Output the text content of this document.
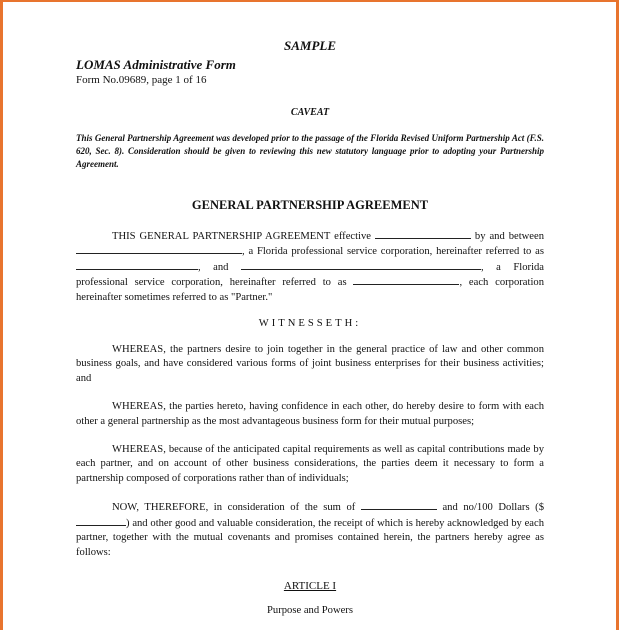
SAMPLE

LOMAS Administrative Form

Form No.09689, page 1 of 16

CAVEAT

This General Partnership Agreement was developed prior to the passage of the Florida Revised Uniform Partnership Act (F.S. 620, Sec. 8). Consideration should be given to reviewing this new statutory language prior to adopting your Partnership Agreement.

GENERAL PARTNERSHIP AGREEMENT

THIS GENERAL PARTNERSHIP AGREEMENT effective	by and between , a Florida professional service corporation, hereinafter referred to as , and	, a Florida professional service corporation, hereinafter referred to as	, each corporation hereinafter sometimes referred to as "Partner."

WITNESSETH:

WHEREAS, the partners desire to join together in the general practice of law and other common business goals, and have considered various forms of joint business enterprises for their business activities; and

WHEREAS, the parties hereto, having confidence in each other, do hereby desire to form with each other a general partnership as the most advantageous business form for their mutual purposes;

WHEREAS, because of the anticipated capital requirements as well as capital contributions made by each partner, and on account of other business considerations, the parties deem it necessary to form a partnership composed of corporations rather than of individuals;

NOW, THEREFORE, in consideration of the sum of	and no/100 Dollars ($) and other good and valuable consideration, the receipt of which is hereby acknowledged by each partner, together with the mutual covenants and promises contained herein, the partners hereby agree as follows:

ARTICLE I

Purpose and Powers
